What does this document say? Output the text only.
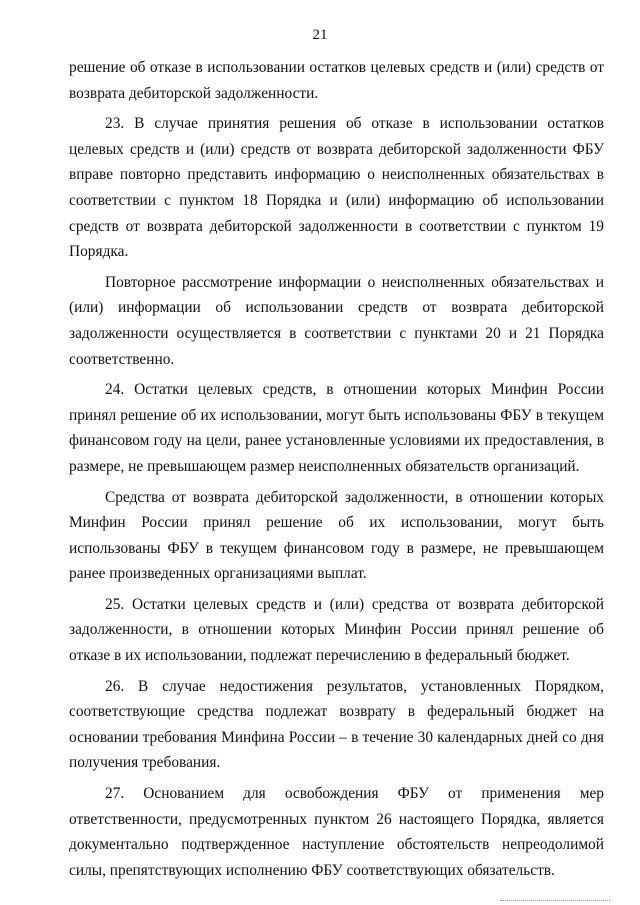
21

решение об отказе в использовании остатков целевых средств и (или) средств от возврата дебиторской задолженности.

23. В случае принятия решения об отказе в использовании остатков целевых средств и (или) средств от возврата дебиторской задолженности ФБУ вправе повторно представить информацию о неисполненных обязательствах в соответствии с пунктом 18 Порядка и (или) информацию об использовании средств от возврата дебиторской задолженности в соответствии с пунктом 19 Порядка.

Повторное рассмотрение информации о неисполненных обязательствах и (или) информации об использовании средств от возврата дебиторской задолженности осуществляется в соответствии с пунктами 20 и 21 Порядка соответственно.

24. Остатки целевых средств, в отношении которых Минфин России принял решение об их использовании, могут быть использованы ФБУ в текущем финансовом году на цели, ранее установленные условиями их предоставления, в размере, не превышающем размер неисполненных обязательств организаций.

Средства от возврата дебиторской задолженности, в отношении которых Минфин России принял решение об их использовании, могут быть использованы ФБУ в текущем финансовом году в размере, не превышающем ранее произведенных организациями выплат.

25. Остатки целевых средств и (или) средства от возврата дебиторской задолженности, в отношении которых Минфин России принял решение об отказе в их использовании, подлежат перечислению в федеральный бюджет.

26. В случае недостижения результатов, установленных Порядком, соответствующие средства подлежат возврату в федеральный бюджет на основании требования Минфина России – в течение 30 календарных дней со дня получения требования.

27. Основанием для освобождения ФБУ от применения мер ответственности, предусмотренных пунктом 26 настоящего Порядка, является документально подтвержденное наступление обстоятельств непреодолимой силы, препятствующих исполнению ФБУ соответствующих обязательств.
